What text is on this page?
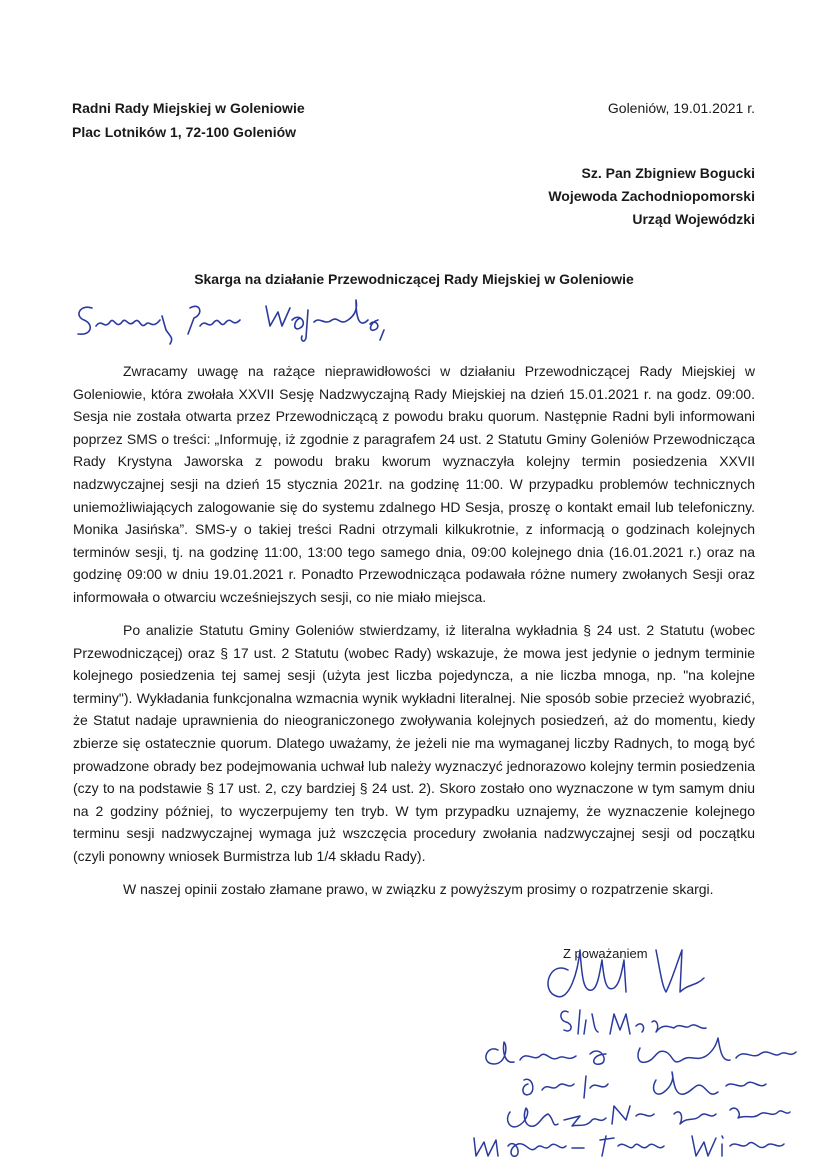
Radni Rady Miejskiej w Goleniowie
Plac Lotników 1, 72-100 Goleniów
Goleniów, 19.01.2021 r.
Sz. Pan Zbigniew Bogucki
Wojewoda Zachodniopomorski
Urząd Wojewódzki
Skarga na działanie Przewodniczącej Rady Miejskiej w Goleniowie

Zwracamy uwagę na rażące nieprawidłowości w działaniu Przewodniczącej Rady Miejskiej w Goleniowie, która zwołała XXVII Sesję Nadzwyczajną Rady Miejskiej na dzień 15.01.2021 r. na godz. 09:00. Sesja nie została otwarta przez Przewodniczącą z powodu braku quorum. Następnie Radni byli informowani poprzez SMS o treści: „Informuję, iż zgodnie z paragrafem 24 ust. 2 Statutu Gminy Goleniów Przewodnicząca Rady Krystyna Jaworska z powodu braku kworum wyznaczyła kolejny termin posiedzenia XXVII nadzwyczajnej sesji na dzień 15 stycznia 2021r. na godzinę 11:00. W przypadku problemów technicznych uniemożliwiających zalogowanie się do systemu zdalnego HD Sesja, proszę o kontakt email lub telefoniczny. Monika Jasińska”. SMS-y o takiej treści Radni otrzymali kilkukrotnie, z informacją o godzinach kolejnych terminów sesji, tj. na godzinę 11:00, 13:00 tego samego dnia, 09:00 kolejnego dnia (16.01.2021 r.) oraz na godzinę 09:00 w dniu 19.01.2021 r. Ponadto Przewodnicząca podawała różne numery zwołanych Sesji oraz informowała o otwarciu wcześniejszych sesji, co nie miało miejsca.

Po analizie Statutu Gminy Goleniów stwierdzamy, iż literalna wykładnia § 24 ust. 2 Statutu (wobec Przewodniczącej) oraz § 17 ust. 2 Statutu (wobec Rady) wskazuje, że mowa jest jedynie o jednym terminie kolejnego posiedzenia tej samej sesji (użyta jest liczba pojedyncza, a nie liczba mnoga, np. "na kolejne terminy"). Wykładania funkcjonalna wzmacnia wynik wykładni literalnej. Nie sposób sobie przecież wyobrazić, że Statut nadaje uprawnienia do nieograniczonego zwoływania kolejnych posiedzeń, aż do momentu, kiedy zbierze się ostatecznie quorum. Dlatego uważamy, że jeżeli nie ma wymaganej liczby Radnych, to mogą być prowadzone obrady bez podejmowania uchwał lub należy wyznaczyć jednorazowo kolejny termin posiedzenia (czy to na podstawie § 17 ust. 2, czy bardziej § 24 ust. 2). Skoro zostało ono wyznaczone w tym samym dniu na 2 godziny później, to wyczerpujemy ten tryb. W tym przypadku uznajemy, że wyznaczenie kolejnego terminu sesji nadzwyczajnej wymaga już wszczęcia procedury zwołania nadzwyczajnej sesji od początku (czyli ponowny wniosek Burmistrza lub 1/4 składu Rady).

W naszej opinii zostało złamane prawo, w związku z powyższym prosimy o rozpatrzenie skargi.

Z poważaniem
